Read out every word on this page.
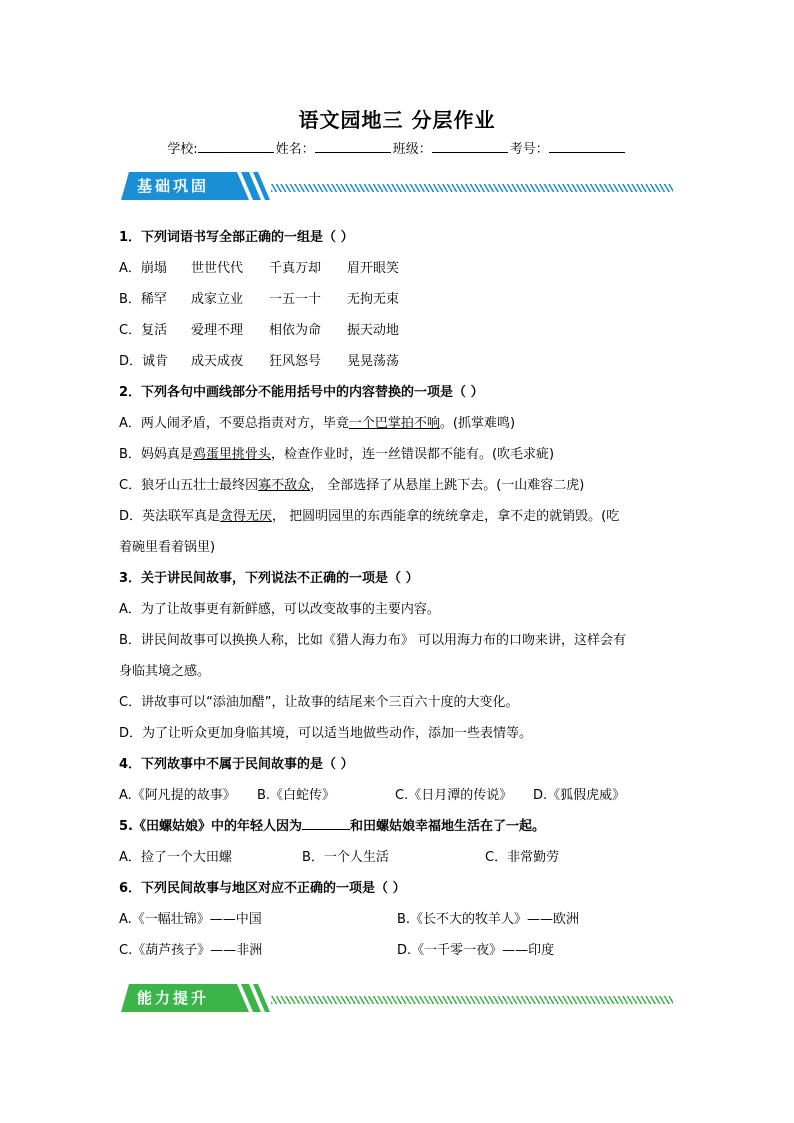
语文园地三 分层作业
学校:	姓名：	班级：	考号：
基础巩固
1．下列词语书写全部正确的一组是（ ）
A．崩塌 世世代代 千真万却 眉开眼笑
B．稀罕 成家立业 一五一十 无拘无束
C．复活 爱理不理 相依为命 振天动地
D．诚肯 成天成夜 狂风怒号 晃晃荡荡
2．下列各句中画线部分不能用括号中的内容替换的一项是（ ）
A．两人闹矛盾，不要总指责对方，毕竟一个巴掌拍不响。(抓掌难鸣)
B．妈妈真是鸡蛋里挑骨头，检查作业时，连一丝错误都不能有。(吹毛求疵)
C．狼牙山五壮士最终因寡不敌众， 全部选择了从悬崖上跳下去。(一山难容二虎)
D．英法联军真是贪得无厌， 把圆明园里的东西能拿的统统拿走，拿不走的就销毁。(吃
着碗里看着锅里)
3．关于讲民间故事，下列说法不正确的一项是（ ）
A．为了让故事更有新鲜感，可以改变故事的主要内容。
B．讲民间故事可以换换人称，比如《猎人海力布》 可以用海力布的口吻来讲，这样会有
身临其境之感。
C．讲故事可以“添油加醋”，让故事的结尾来个三百六十度的大变化。
D．为了让听众更加身临其境，可以适当地做些动作，添加一些表情等。
4．下列故事中不属于民间故事的是（ ）
A.《阿凡提的故事》 B.《白蛇传》	C.《日月潭的传说》 D.《狐假虎威》
5.《田螺姑娘》中的年轻人因为	和田螺姑娘幸福地生活在了一起。
A．捡了一个大田螺	B．一个人生活	C．非常勤劳
6．下列民间故事与地区对应不正确的一项是（ ）
A.《一幅壮锦》——中国	B.《长不大的牧羊人》——欧洲
C.《葫芦孩子》——非洲	D.《一千零一夜》——印度
能力提升
